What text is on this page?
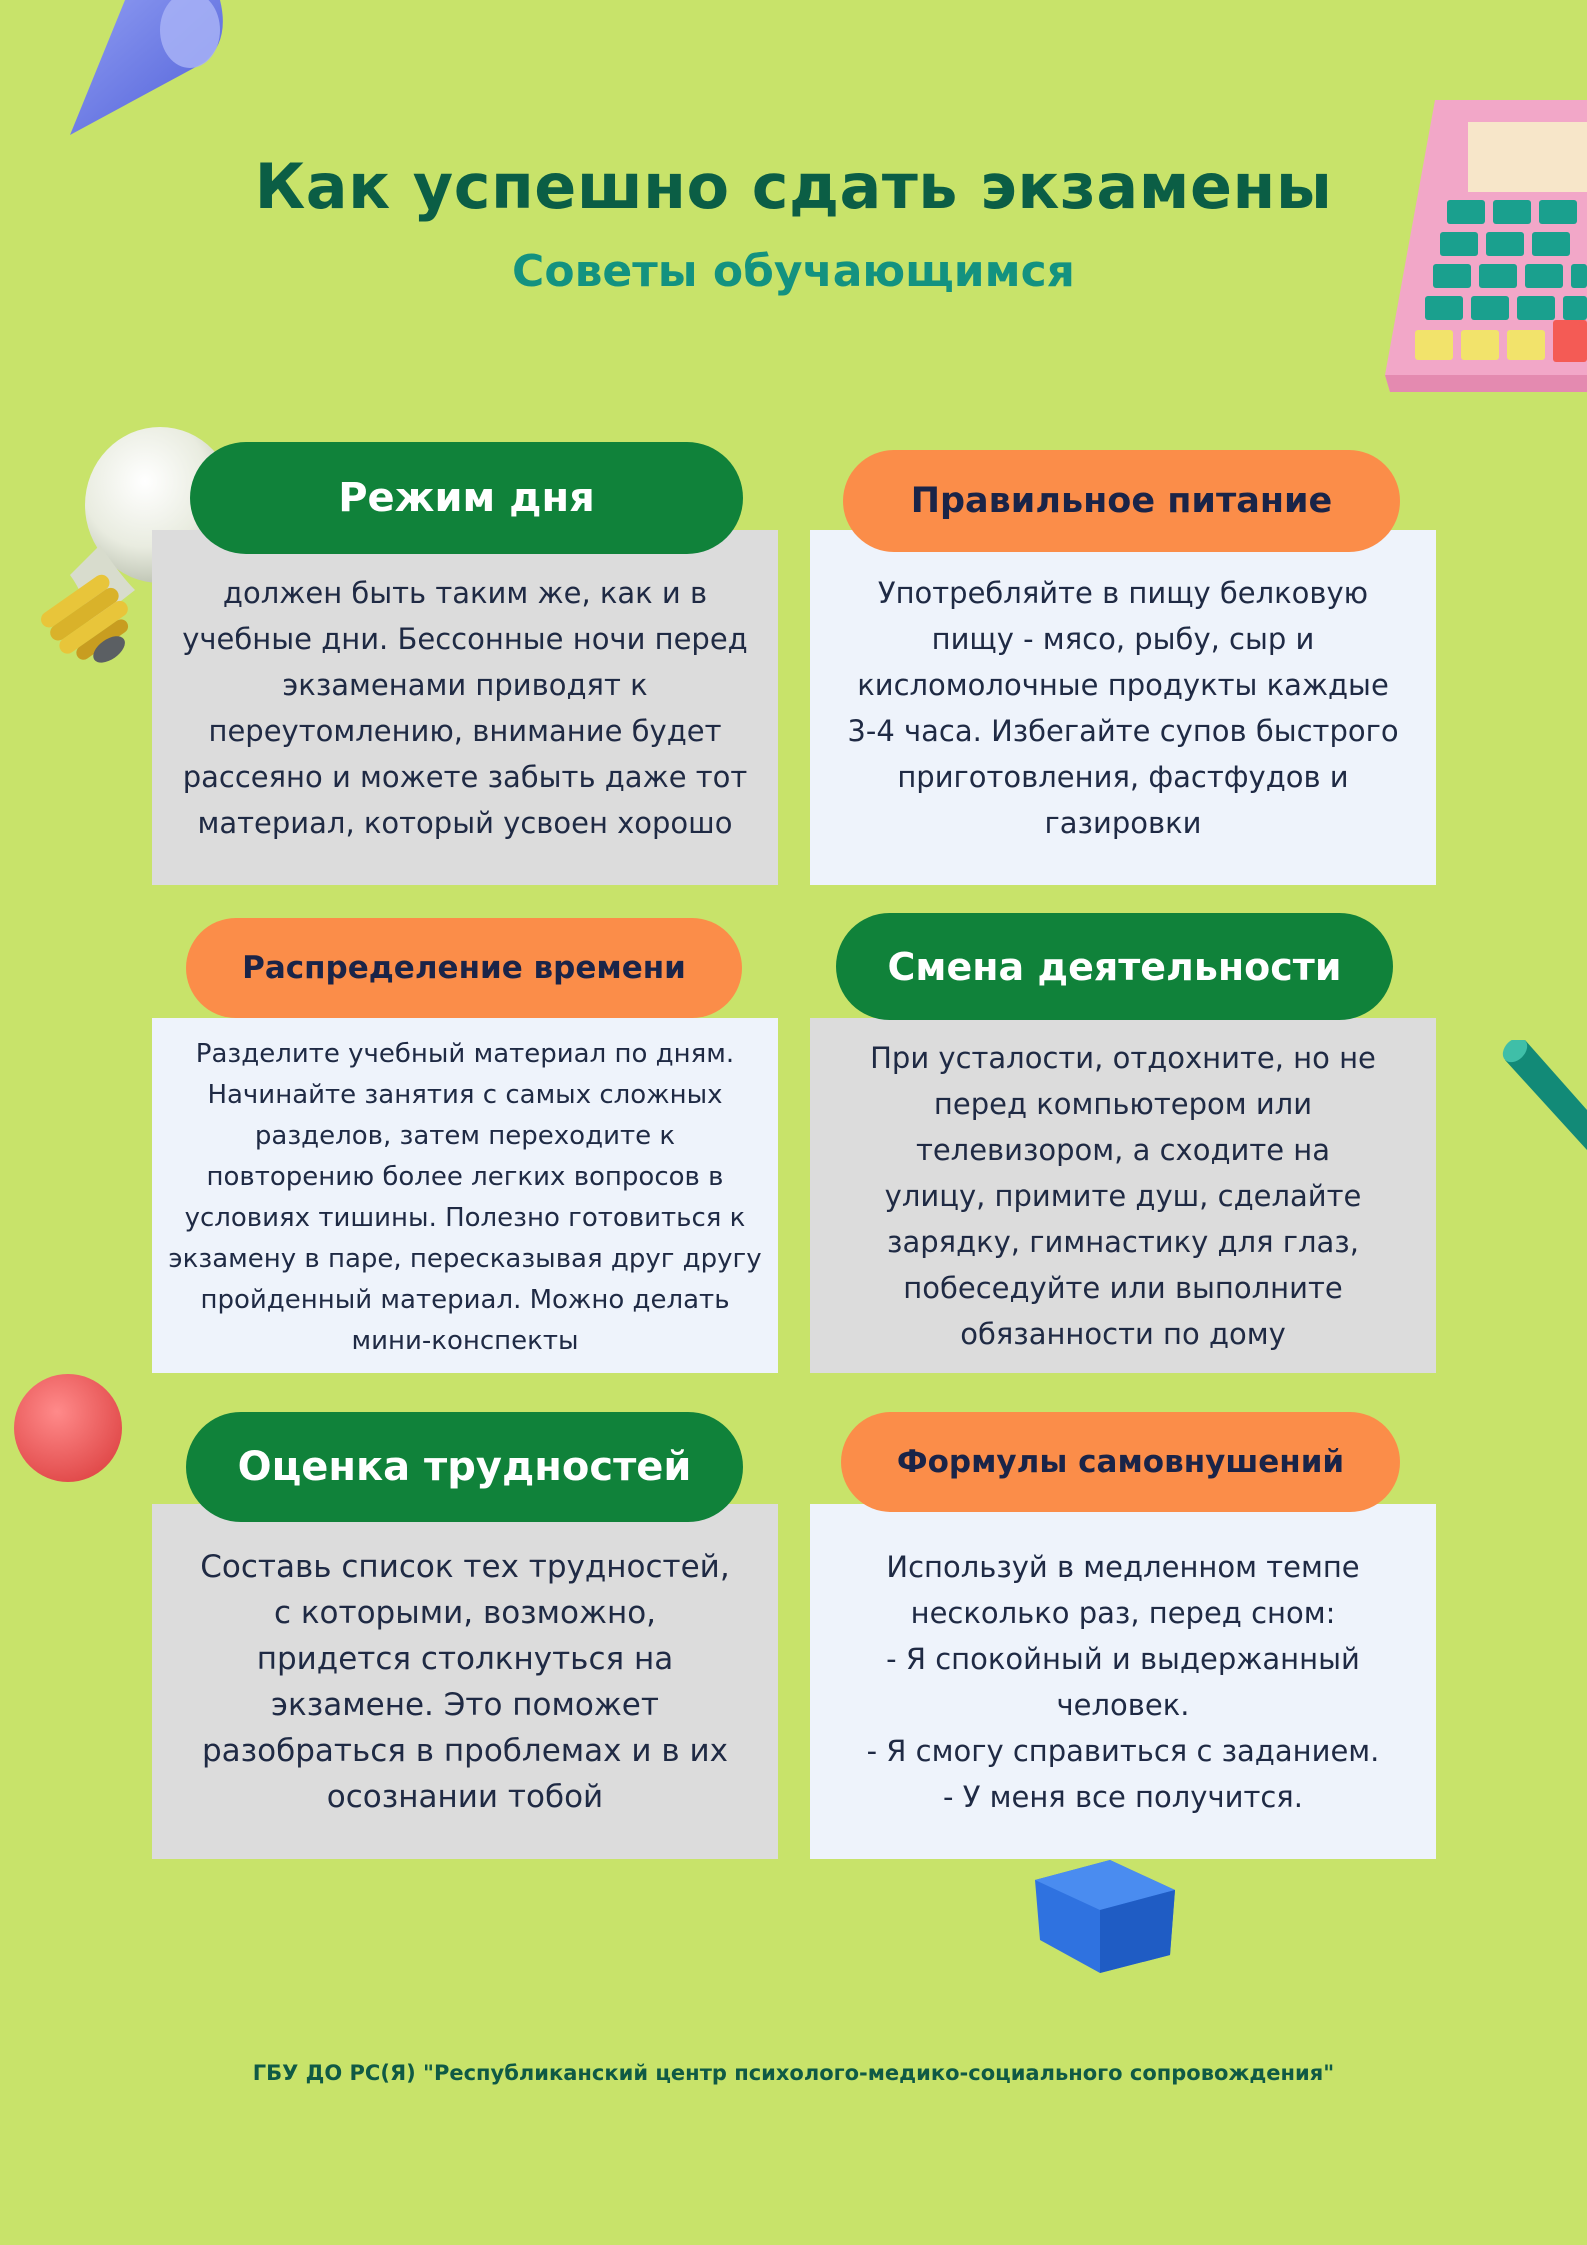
Как успешно сдать экзамены
Советы обучающимся

должен быть таким же, как и в
учебные дни. Бессонные ночи перед
экзаменами приводят к
переутомлению, внимание будет
рассеяно и можете забыть даже тот
материал, который усвоен хорошо

Режим дня

Употребляйте в пищу белковую
пищу - мясо, рыбу, сыр и
кисломолочные продукты каждые
3-4 часа. Избегайте супов быстрого
приготовления, фастфудов и
газировки

Правильное питание

Разделите учебный материал по дням.
Начинайте занятия с самых сложных
разделов, затем переходите к
повторению более легких вопросов в
условиях тишины. Полезно готовиться к
экзамену в паре, пересказывая друг другу
пройденный материал. Можно делать
мини-конспекты

Распределение времени

При усталости, отдохните, но не
перед компьютером или
телевизором, а сходите на
улицу, примите душ, сделайте
зарядку, гимнастику для глаз,
побеседуйте или выполните
обязанности по дому

Смена деятельности

Составь список тех трудностей,
с которыми, возможно,
придется столкнуться на
экзамене. Это поможет
разобраться в проблемах и в их
осознании тобой

Оценка трудностей

Используй в медленном темпе
несколько раз, перед сном:
- Я спокойный и выдержанный
человек.
- Я смогу справиться с заданием.
- У меня все получится.

Формулы самовнушений
ГБУ ДО РС(Я) "Республиканский центр психолого-медико-социального сопровождения"
